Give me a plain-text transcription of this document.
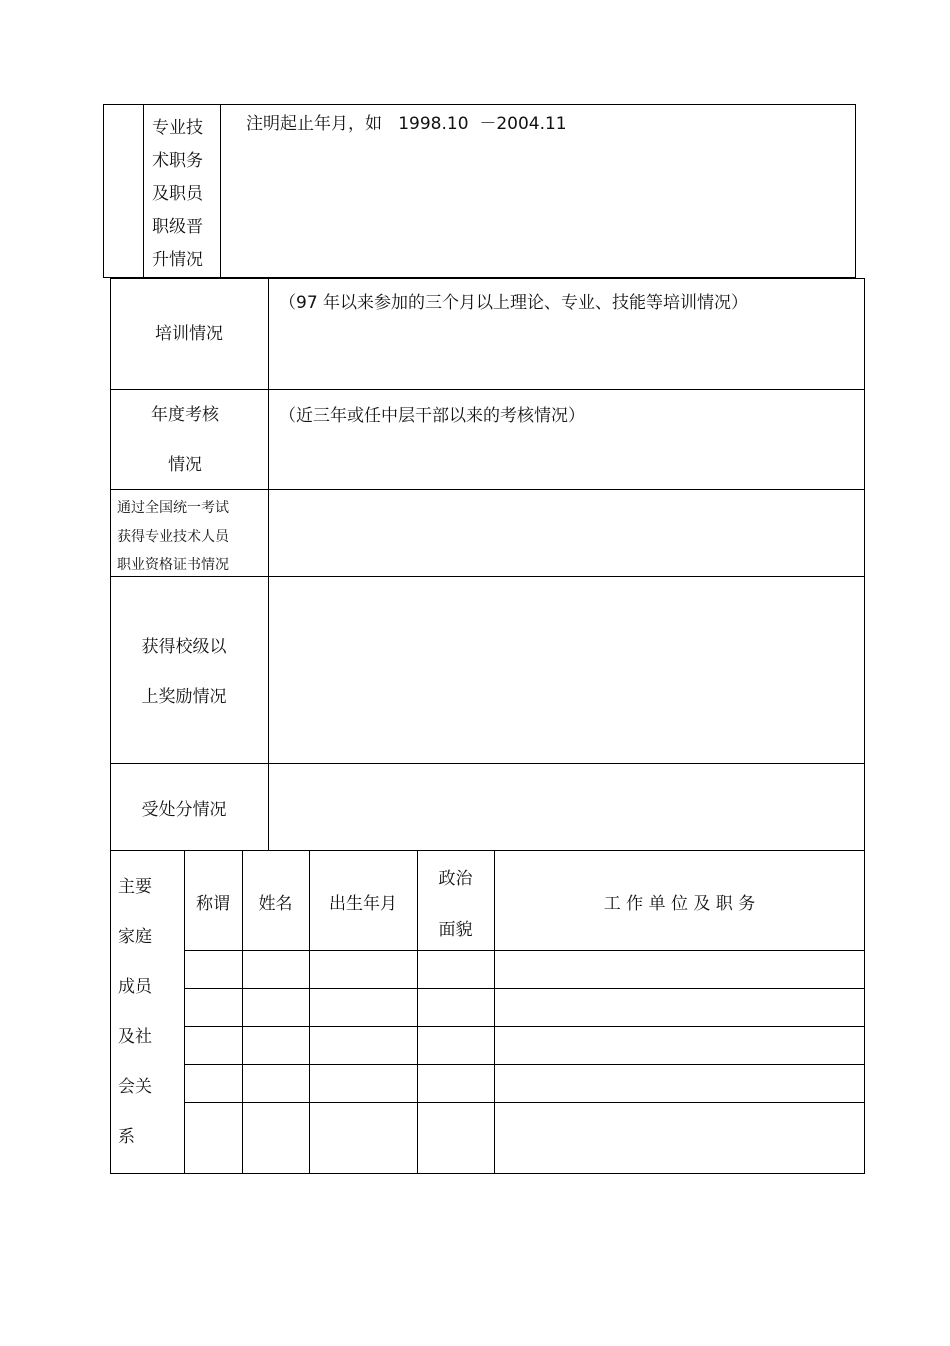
专业技
术职务
及职员
职级晋
升情况
注明起止年月，如   1998.10  －2004.11
培训情况
（97 年以来参加的三个月以上理论、专业、技能等培训情况）
年度考核
情况
（近三年或任中层干部以来的考核情况）
通过全国统一考试
获得专业技术人员
职业资格证书情况
获得校级以
上奖励情况
受处分情况
主要
家庭
成员
及社
会关
系
称谓	姓名	出生年月
政治
面貌
工 作 单 位 及 职 务
